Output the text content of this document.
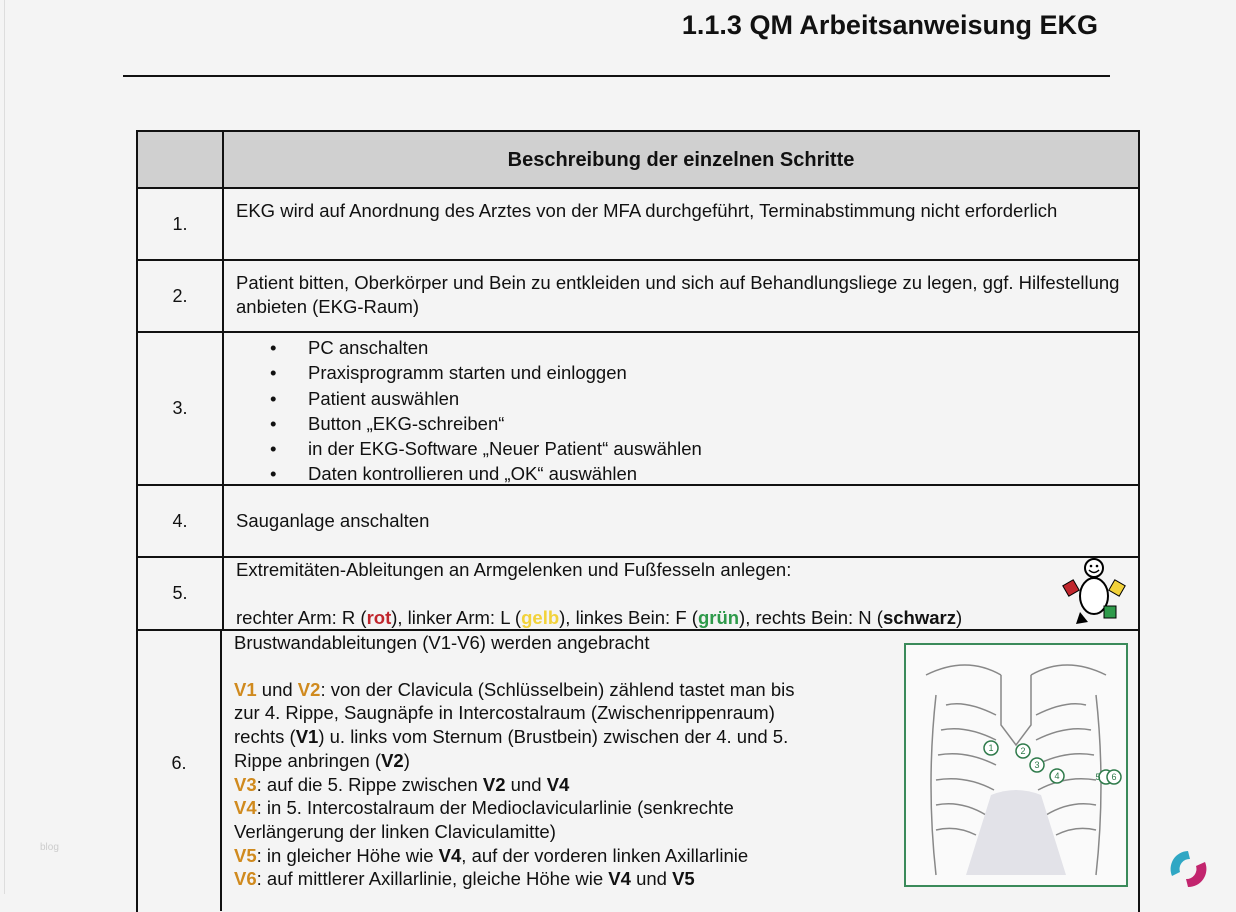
1.1.3 QM Arbeitsanweisung EKG
Beschreibung der einzelnen Schritte
1.
EKG wird auf Anordnung des Arztes von der MFA durchgeführt, Terminabstimmung nicht erforderlich
2.
Patient bitten, Oberkörper und Bein zu entkleiden und sich auf Behandlungsliege zu legen, ggf. Hilfestellung anbieten (EKG-Raum)
3.
• PC anschalten
• Praxisprogramm starten und einloggen
• Patient auswählen
• Button „EKG-schreiben“
• in der EKG-Software „Neuer Patient“ auswählen
• Daten kontrollieren und „OK“ auswählen
4.	Sauganlage anschalten
5.
Extremitäten-Ableitungen an Armgelenken und Fußfesseln anlegen:
rechter Arm: R (rot), linker Arm: L (gelb), linkes Bein: F (grün), rechts Bein: N (schwarz)
6.
Brustwandableitungen (V1-V6) werden angebracht
V1 und V2: von der Clavicula (Schlüsselbein) zählend tastet man bis zur 4. Rippe, Saugnäpfe in Intercostalraum (Zwischenrippenraum) rechts (V1) u. links vom Sternum (Brustbein) zwischen der 4. und 5. Rippe anbringen (V2)
V3: auf die 5. Rippe zwischen V2 und V4
V4: in 5. Intercostalraum der Medioclavicularlinie (senkrechte Verlängerung der linken Claviculamitte)
V5: in gleicher Höhe wie V4, auf der vorderen linken Axillarlinie
V6: auf mittlerer Axillarlinie, gleiche Höhe wie V4 und V5
1	2
3
4	5 6
blog
